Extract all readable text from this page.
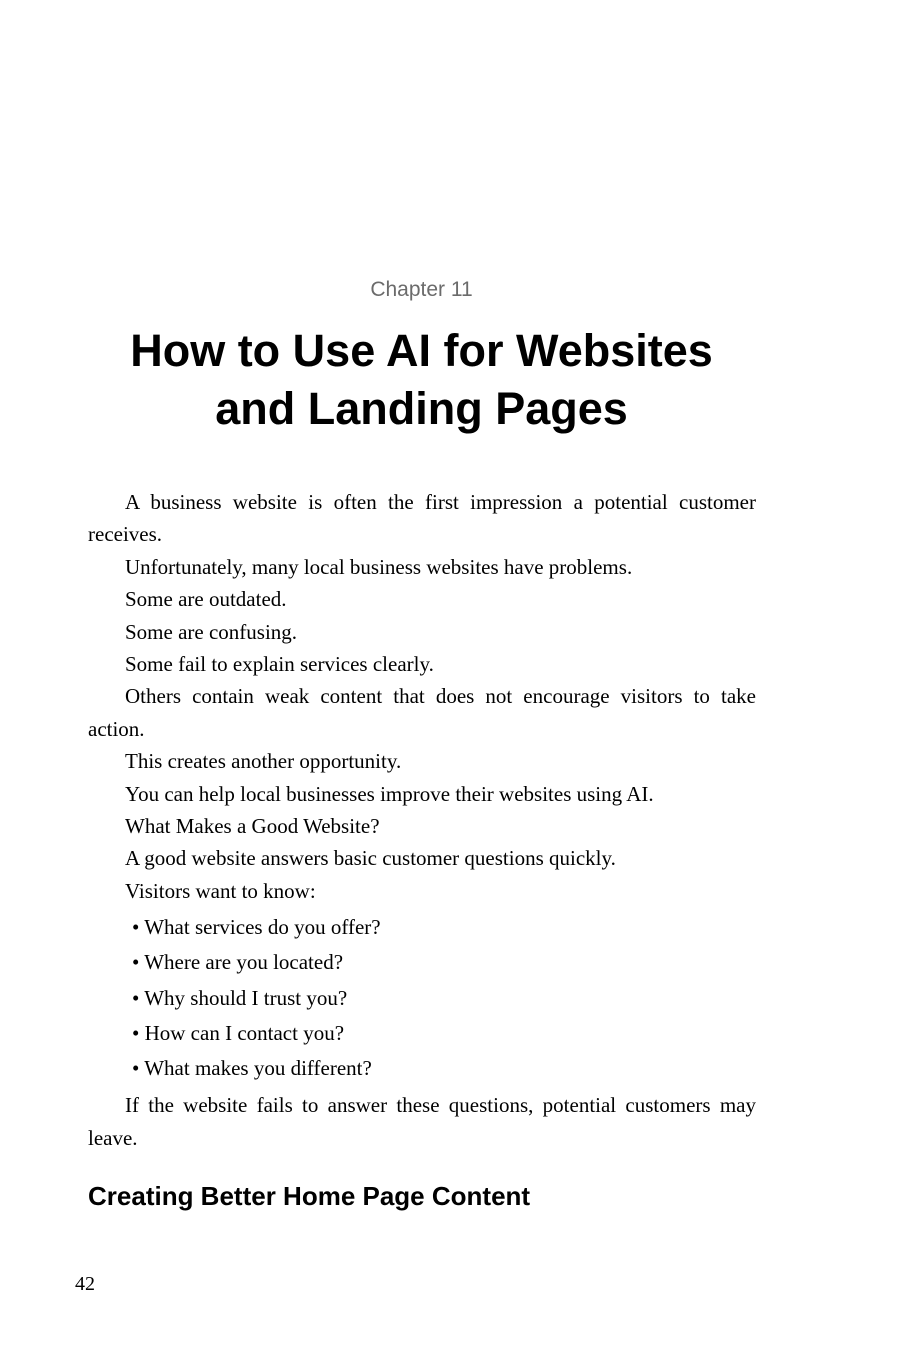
Chapter 11
How to Use AI for Websites
and Landing Pages

A business website is often the first impression a potential customer receives.

Unfortunately, many local business websites have problems.

Some are outdated.

Some are confusing.

Some fail to explain services clearly.

Others contain weak content that does not encourage visitors to take action.

This creates another opportunity.

You can help local businesses improve their websites using AI.

What Makes a Good Website?

A good website answers basic customer questions quickly.

Visitors want to know:

• What services do you offer?
• Where are you located?
• Why should I trust you?
• How can I contact you?
• What makes you different?

If the website fails to answer these questions, potential customers may leave.

Creating Better Home Page Content
42
